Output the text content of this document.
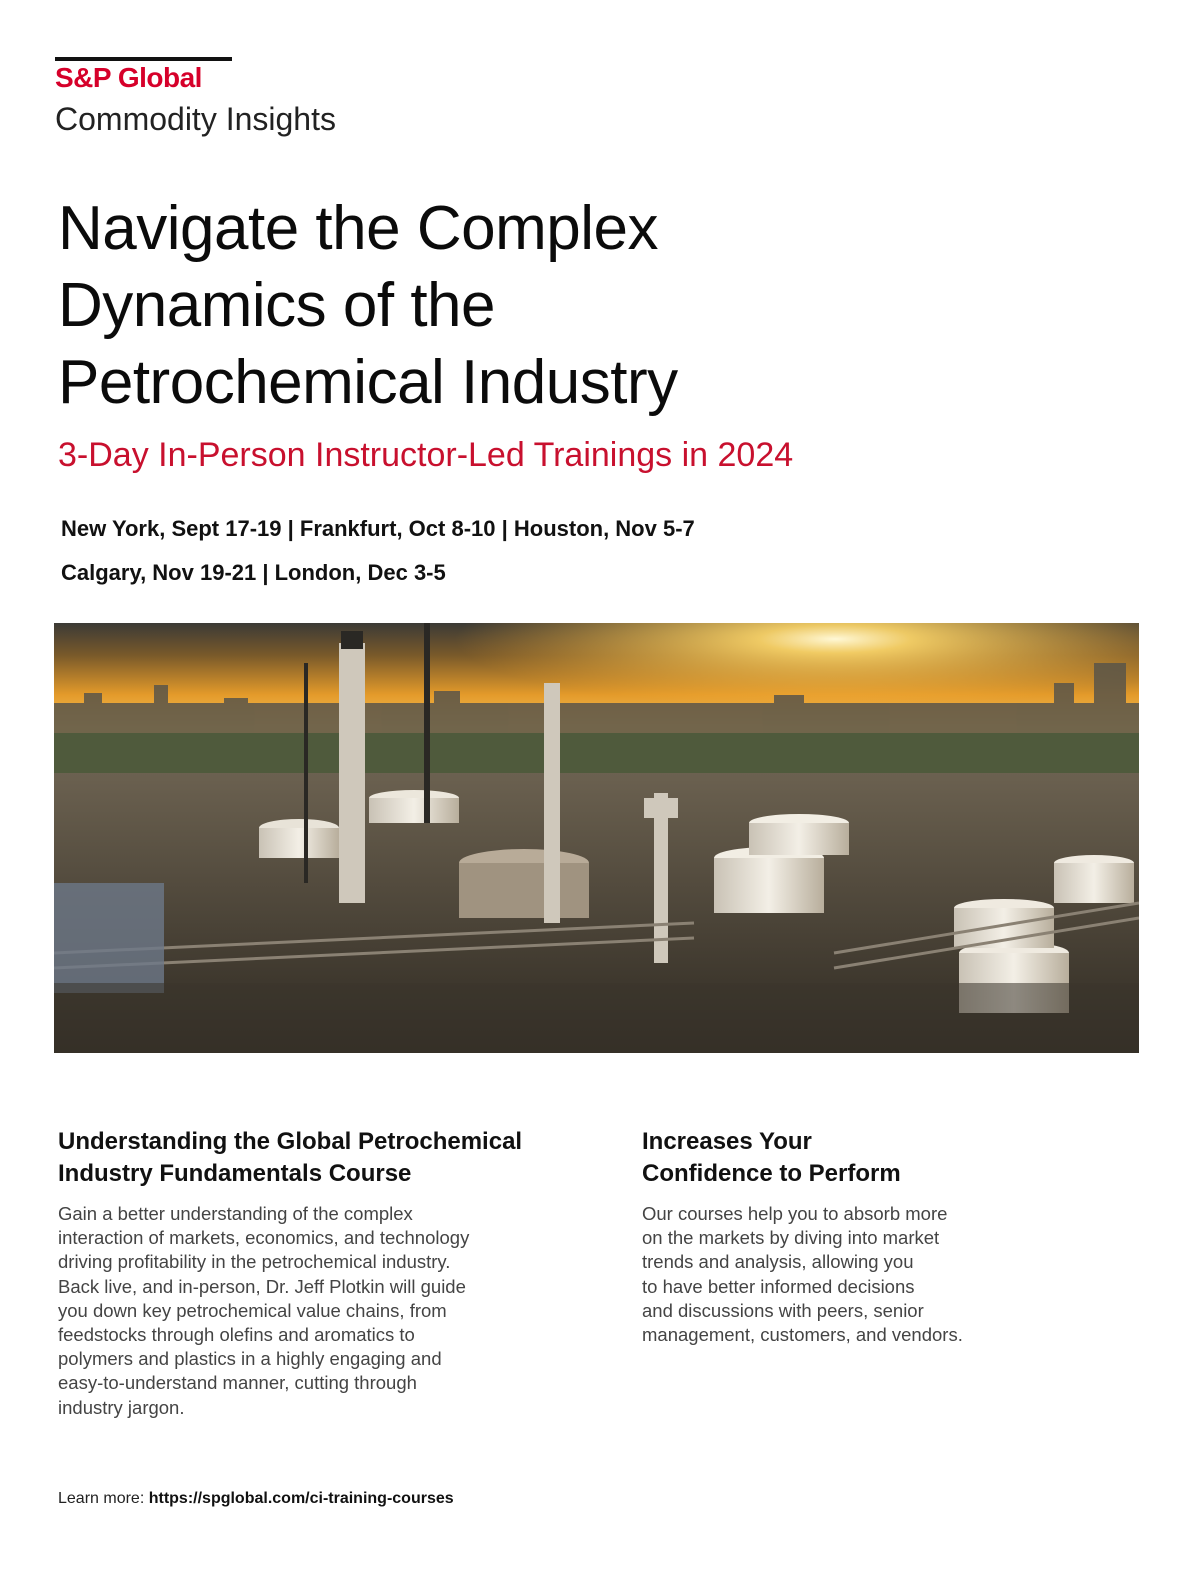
S&P Global
Commodity Insights
Navigate the Complex
Dynamics of the
Petrochemical Industry
3-Day In-Person Instructor-Led Trainings in 2024
New York, Sept 17-19 | Frankfurt, Oct 8-10 | Houston, Nov 5-7
Calgary, Nov 19-21 | London, Dec 3-5
Understanding the Global Petrochemical
Industry Fundamentals Course
Gain a better understanding of the complex
interaction of markets, economics, and technology
driving profitability in the petrochemical industry.
Back live, and in-person, Dr. Jeff Plotkin will guide
you down key petrochemical value chains, from
feedstocks through olefins and aromatics to
polymers and plastics in a highly engaging and
easy-to-understand manner, cutting through
industry jargon.
Increases Your
Confidence to Perform
Our courses help you to absorb more
on the markets by diving into market
trends and analysis, allowing you
to have better informed decisions
and discussions with peers, senior
management, customers, and vendors.
Learn more: https://spglobal.com/ci-training-courses
